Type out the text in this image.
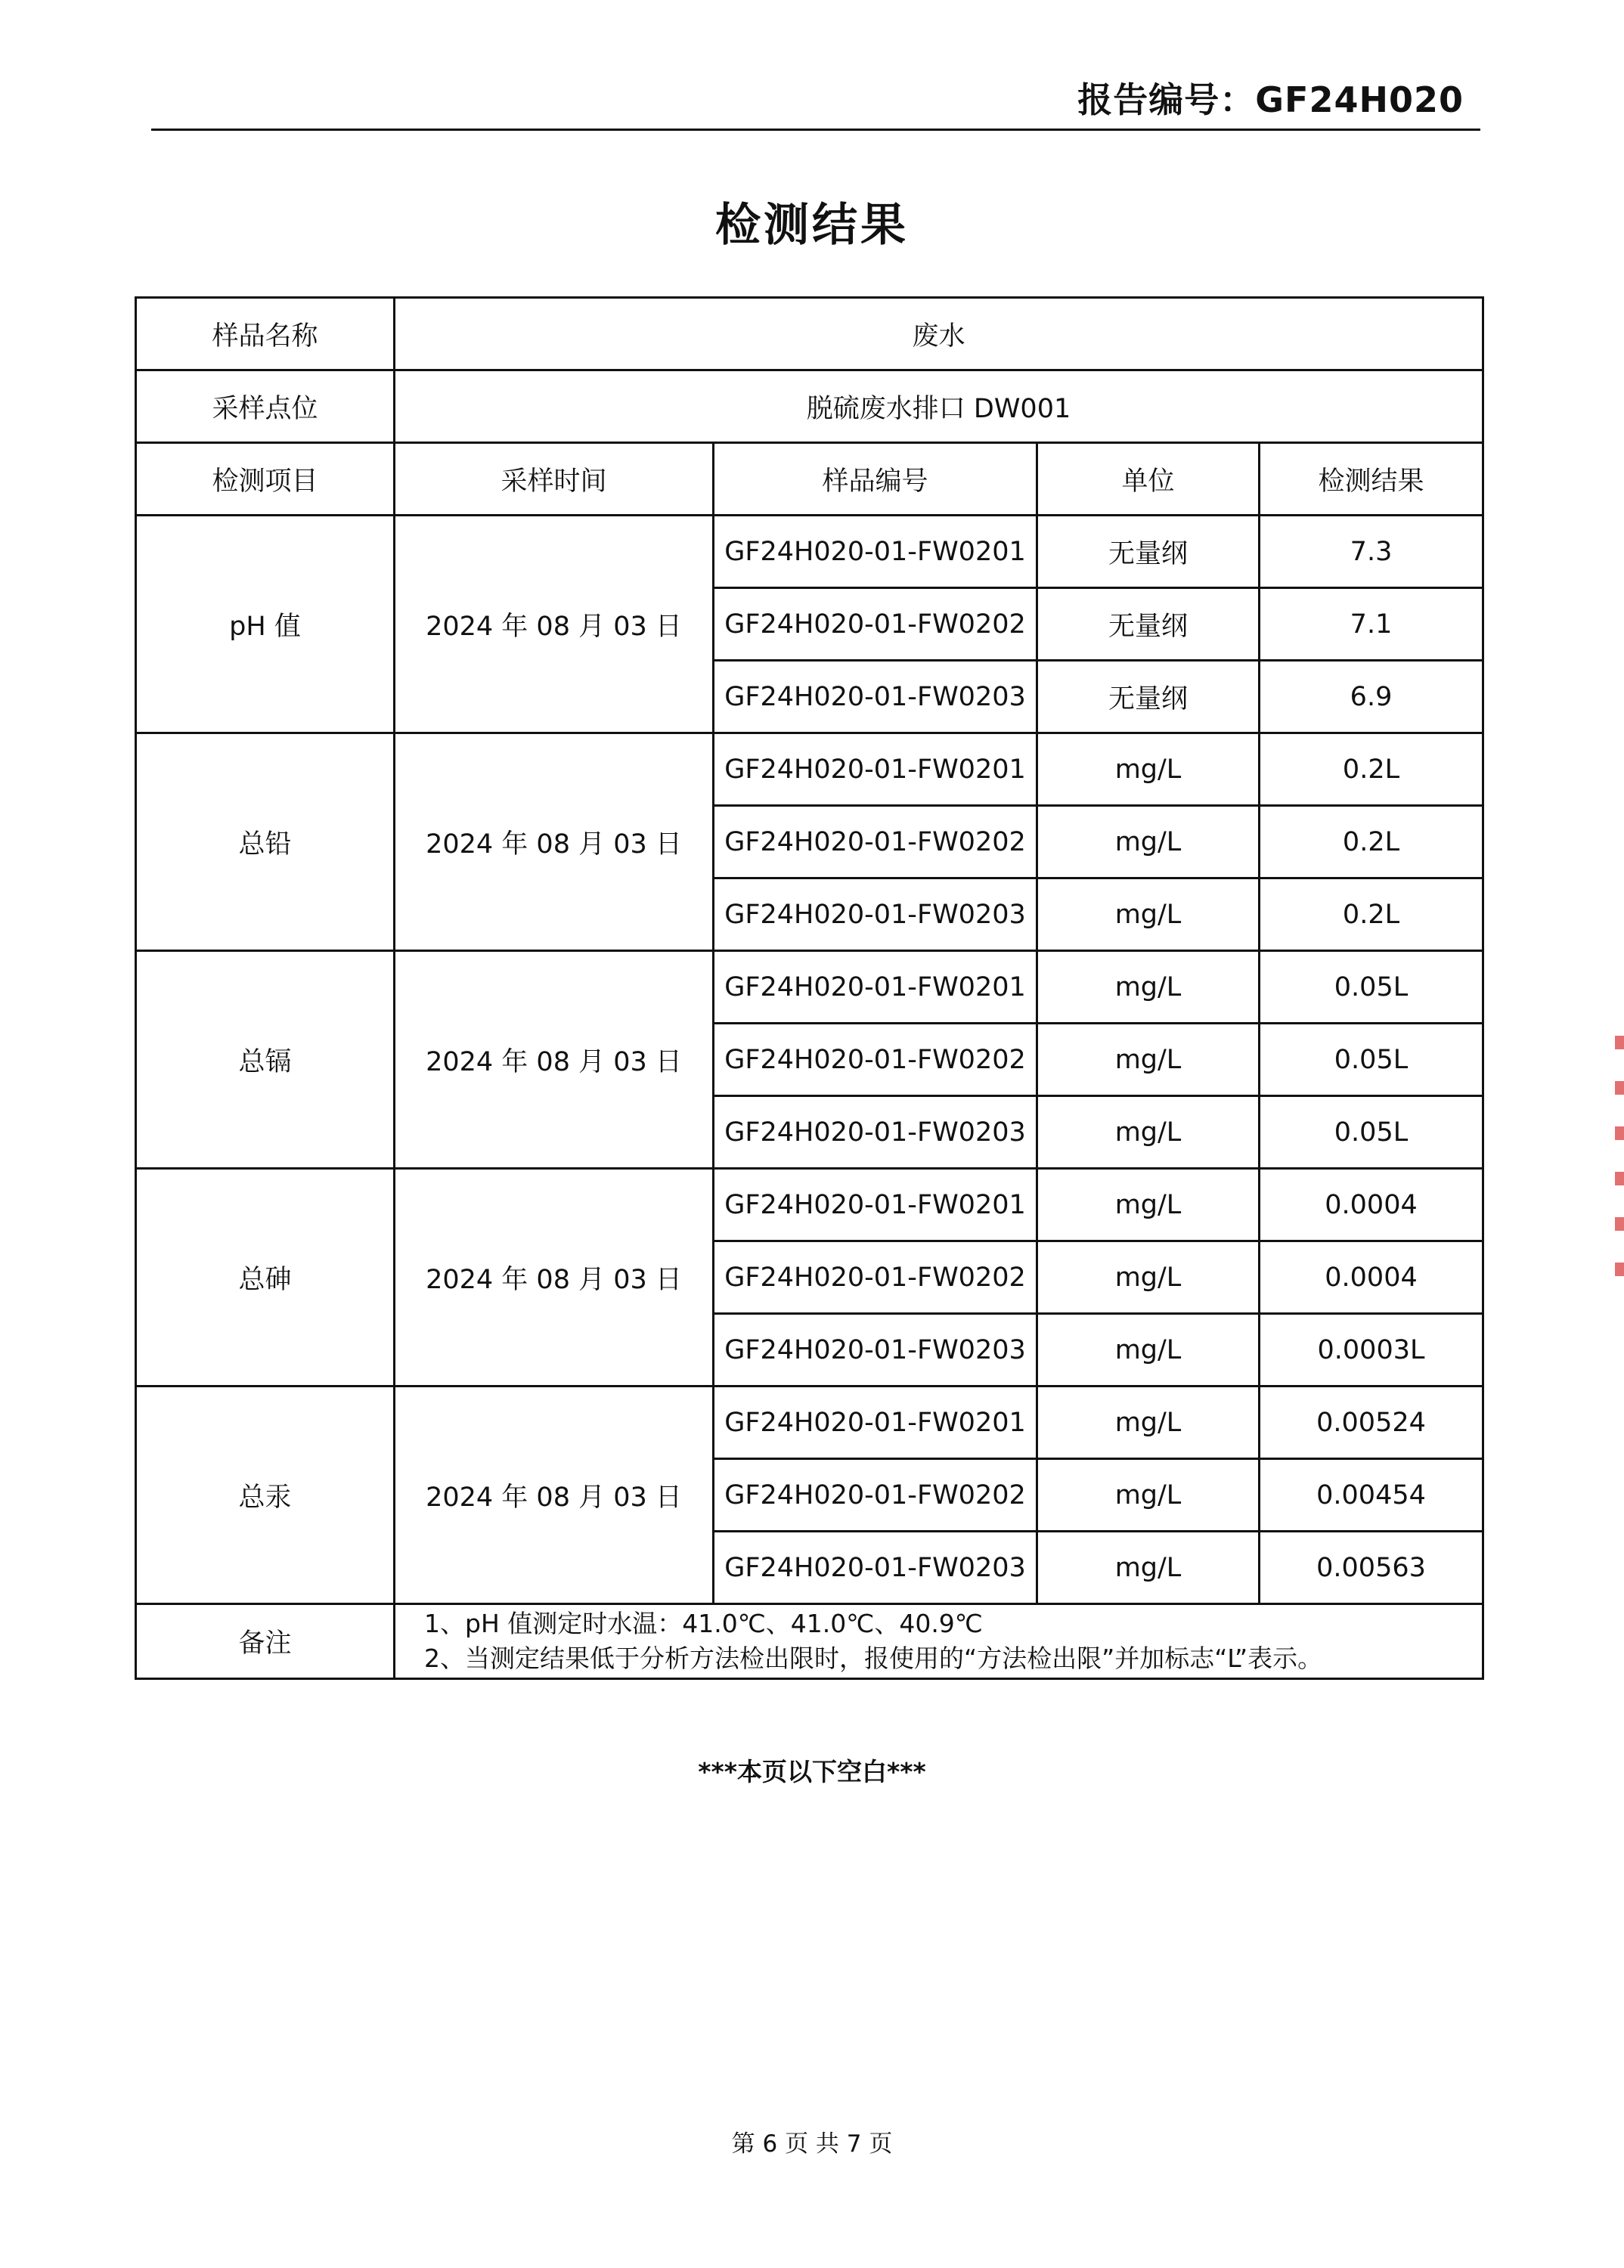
报告编号：GF24H020
检测结果
样品名称	废水			
采样点位	脱硫废水排口 DW001			
检测项目	采样时间	样品编号	单位	检测结果
pH 值	2024 年 08 月 03 日	GF24H020-01-FW0201	无量纲	7.3
		GF24H020-01-FW0202	无量纲	7.1
		GF24H020-01-FW0203	无量纲	6.9
总铅	2024 年 08 月 03 日	GF24H020-01-FW0201	mg/L	0.2L
		GF24H020-01-FW0202	mg/L	0.2L
		GF24H020-01-FW0203	mg/L	0.2L
总镉	2024 年 08 月 03 日	GF24H020-01-FW0201	mg/L	0.05L
		GF24H020-01-FW0202	mg/L	0.05L
		GF24H020-01-FW0203	mg/L	0.05L
总砷	2024 年 08 月 03 日	GF24H020-01-FW0201	mg/L	0.0004
		GF24H020-01-FW0202	mg/L	0.0004
		GF24H020-01-FW0203	mg/L	0.0003L
总汞	2024 年 08 月 03 日	GF24H020-01-FW0201	mg/L	0.00524
		GF24H020-01-FW0202	mg/L	0.00454
		GF24H020-01-FW0203	mg/L	0.00563
备注	1、pH 值测定时水温：41.0℃、41.0℃、40.9℃
2、当测定结果低于分析方法检出限时，报使用的“方法检出限”并加标志“L”表示。			
***本页以下空白***
第 6 页 共 7 页
